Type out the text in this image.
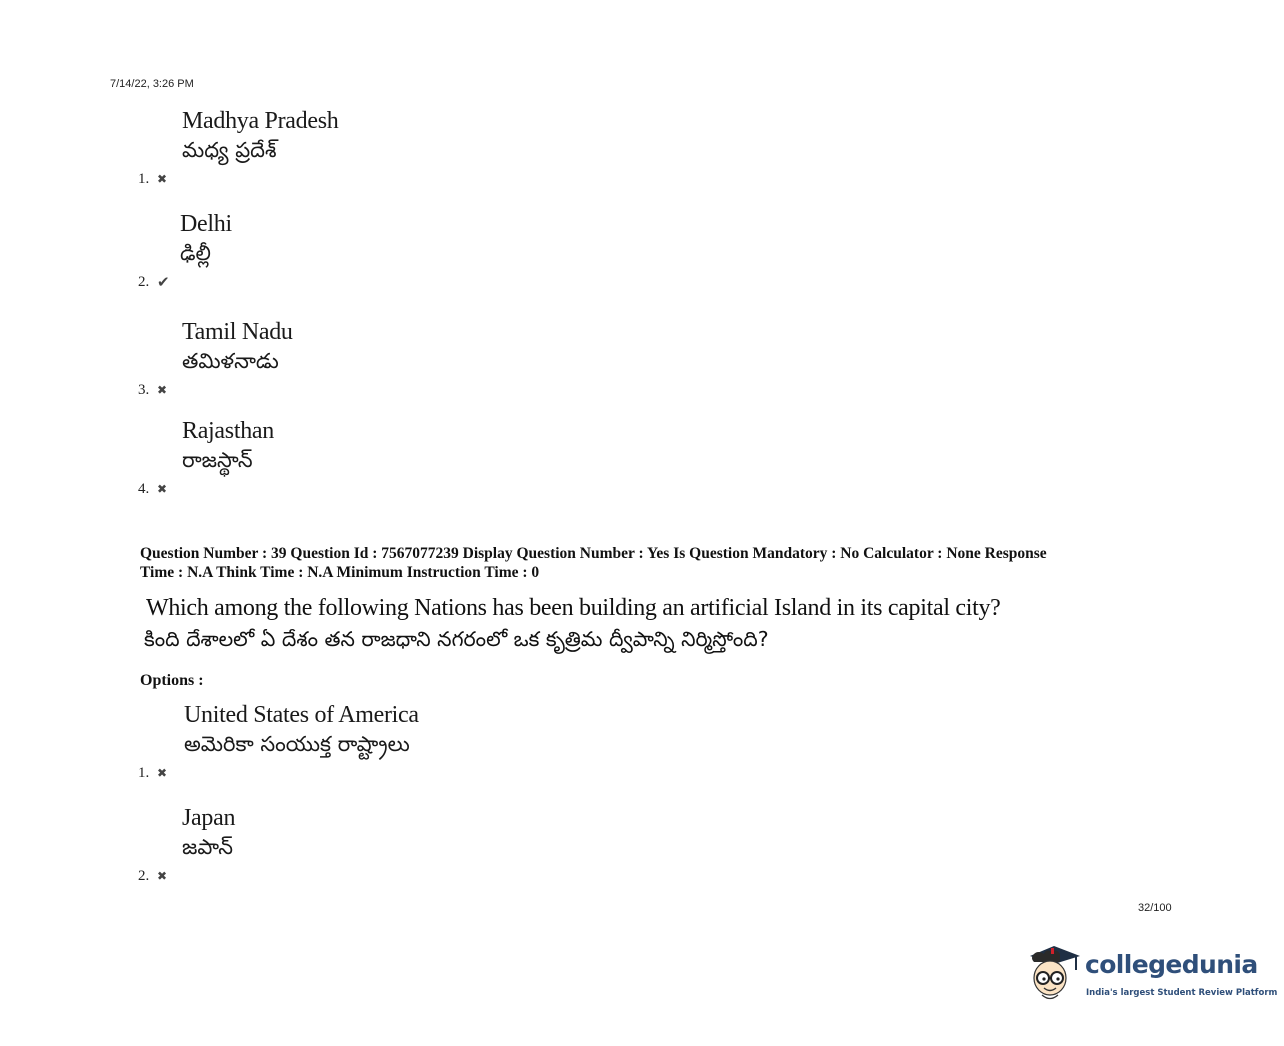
7/14/22, 3:26 PM
Madhya Pradesh
మధ్య ప్రదేశ్
1. ✖
Delhi
ఢిల్లీ
2. ✔
Tamil Nadu
తమిళనాడు
3. ✖
Rajasthan
రాజస్థాన్
4. ✖
Question Number : 39 Question Id : 7567077239 Display Question Number : Yes Is Question Mandatory : No Calculator : None Response
Time : N.A Think Time : N.A Minimum Instruction Time : 0
Which among the following Nations has been building an artificial Island in its capital city?
కింది దేశాలలో ఏ దేశం తన రాజధాని నగరంలో ఒక కృత్రిమ ద్వీపాన్ని నిర్మిస్తోంది?
Options :
United States of America
అమెరికా సంయుక్త రాష్ట్రాలు
1. ✖
Japan
జపాన్
2. ✖
32/100
collegedunia
India's largest Student Review Platform
